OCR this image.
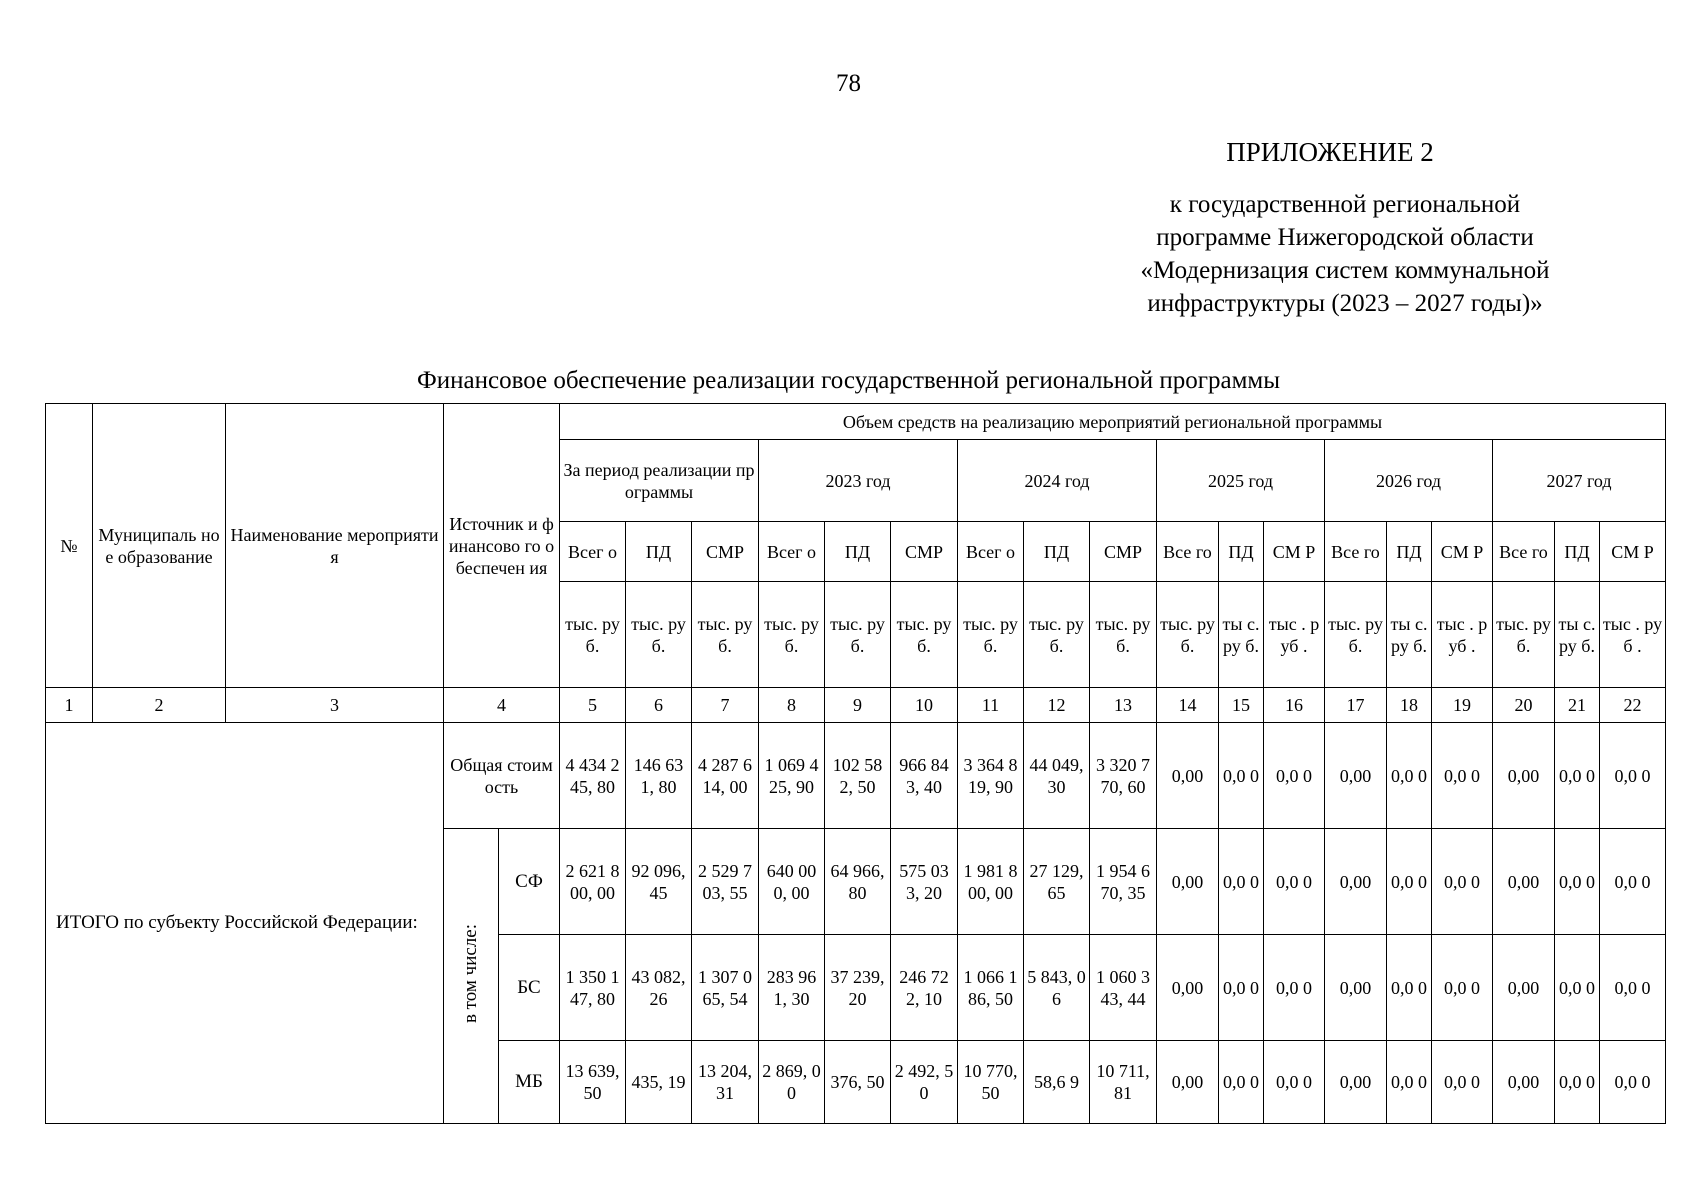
78
ПРИЛОЖЕНИЕ 2
к государственной региональной
программе Нижегородской области
«Модернизация систем коммунальной
инфраструктуры (2023 – 2027 годы)»
Финансовое обеспечение реализации государственной региональной программы
№	Муниципаль ное образование	Наименование мероприятия	Источник и финансово го обеспечен ия		Объем средств на реализацию мероприятий региональной программы																	
					За период реализации программы			2023 год			2024 год			2025 год			2026 год			2027 год		
					Всег о	ПД	СМР	Всег о	ПД	СМР	Всег о	ПД	СМР	Все го	ПД	СМ Р	Все го	ПД	СМ Р	Все го	ПД	СМ Р
					тыс. руб.	тыс. руб.	тыс. руб.	тыс. руб.	тыс. руб.	тыс. руб.	тыс. руб.	тыс. руб.	тыс. руб.	тыс. руб.	ты с. ру б.	тыс . руб .	тыс. руб.	ты с. ру б.	тыс . руб .	тыс. руб.	ты с. ру б.	тыс . руб .
1	2	3	4		5	6	7	8	9	10	11	12	13	14	15	16	17	18	19	20	21	22
ИТОГО по субъекту Российской Федерации:			Общая стоимость		4 434 245, 80	146 631, 80	4 287 614, 00	1 069 425, 90	102 582, 50	966 843, 40	3 364 819, 90	44 049, 30	3 320 770, 60	0,00	0,0 0	0,0 0	0,00	0,0 0	0,0 0	0,00	0,0 0	0,0 0
			в том числе:	СФ	2 621 800, 00	92 096, 45	2 529 703, 55	640 000, 00	64 966, 80	575 033, 20	1 981 800, 00	27 129, 65	1 954 670, 35	0,00	0,0 0	0,0 0	0,00	0,0 0	0,0 0	0,00	0,0 0	0,0 0
				БС	1 350 147, 80	43 082, 26	1 307 065, 54	283 961, 30	37 239, 20	246 722, 10	1 066 186, 50	5 843, 06	1 060 343, 44	0,00	0,0 0	0,0 0	0,00	0,0 0	0,0 0	0,00	0,0 0	0,0 0
				МБ	13 639, 50	435, 19	13 204, 31	2 869, 00	376, 50	2 492, 50	10 770, 50	58,6 9	10 711, 81	0,00	0,0 0	0,0 0	0,00	0,0 0	0,0 0	0,00	0,0 0	0,0 0
